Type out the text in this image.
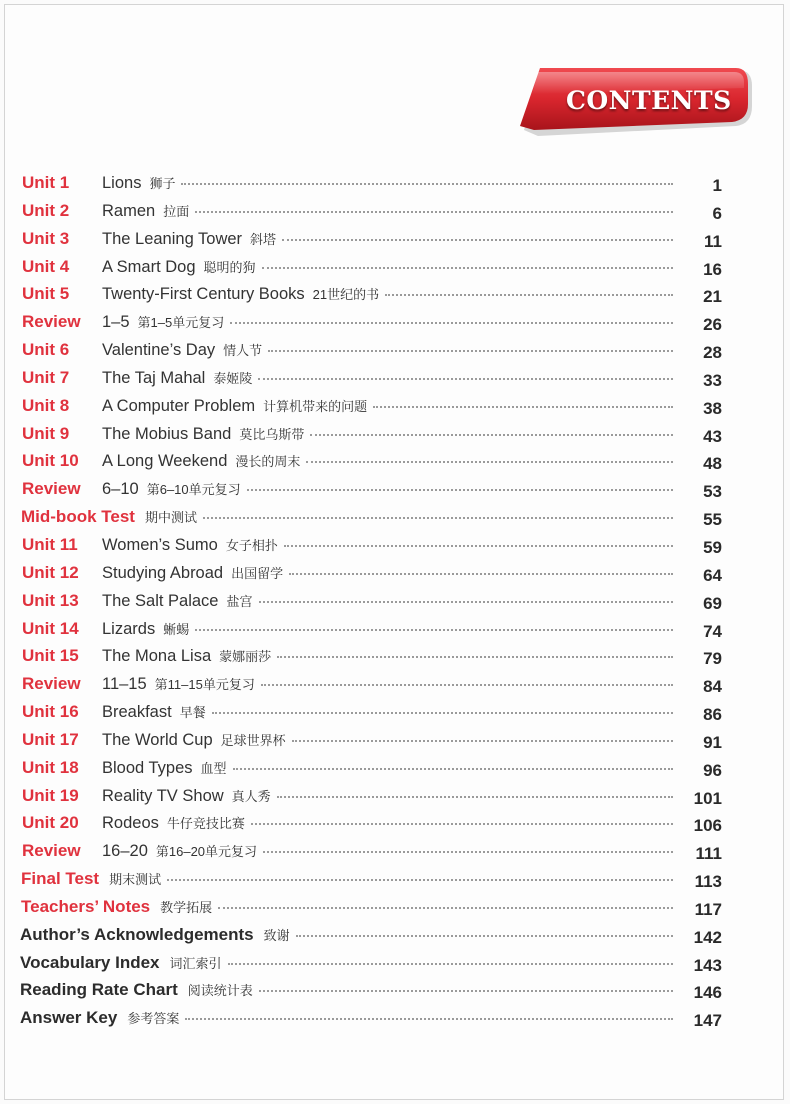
CONTENTS
Unit 1 Lions 狮子	1
Unit 2 Ramen 拉面	6
Unit 3 The Leaning Tower 斜塔	11
Unit 4 A Smart Dog 聪明的狗	16
Unit 5 Twenty-First Century Books 21世纪的书	21
Review 1–5 第1–5单元复习	26
Unit 6 Valentine’s Day 情人节	28
Unit 7 The Taj Mahal 泰姬陵	33
Unit 8 A Computer Problem 计算机带来的问题	38
Unit 9 The Mobius Band 莫比乌斯带	43
Unit 10 A Long Weekend 漫长的周末	48
Review 6–10 第6–10单元复习	53
Mid-book Test 期中测试	55
Unit 11 Women’s Sumo 女子相扑	59
Unit 12 Studying Abroad 出国留学	64
Unit 13 The Salt Palace 盐宫	69
Unit 14 Lizards 蜥蜴	74
Unit 15 The Mona Lisa 蒙娜丽莎	79
Review 11–15 第11–15单元复习	84
Unit 16 Breakfast 早餐	86
Unit 17 The World Cup 足球世界杯	91
Unit 18 Blood Types 血型	96
Unit 19 Reality TV Show 真人秀	101
Unit 20 Rodeos 牛仔竞技比赛	106
Review 16–20 第16–20单元复习	111
Final Test 期末测试	113
Teachers’ Notes 教学拓展	117
Author’s Acknowledgements 致谢	142
Vocabulary Index 词汇索引	143
Reading Rate Chart 阅读统计表	146
Answer Key 参考答案	147
